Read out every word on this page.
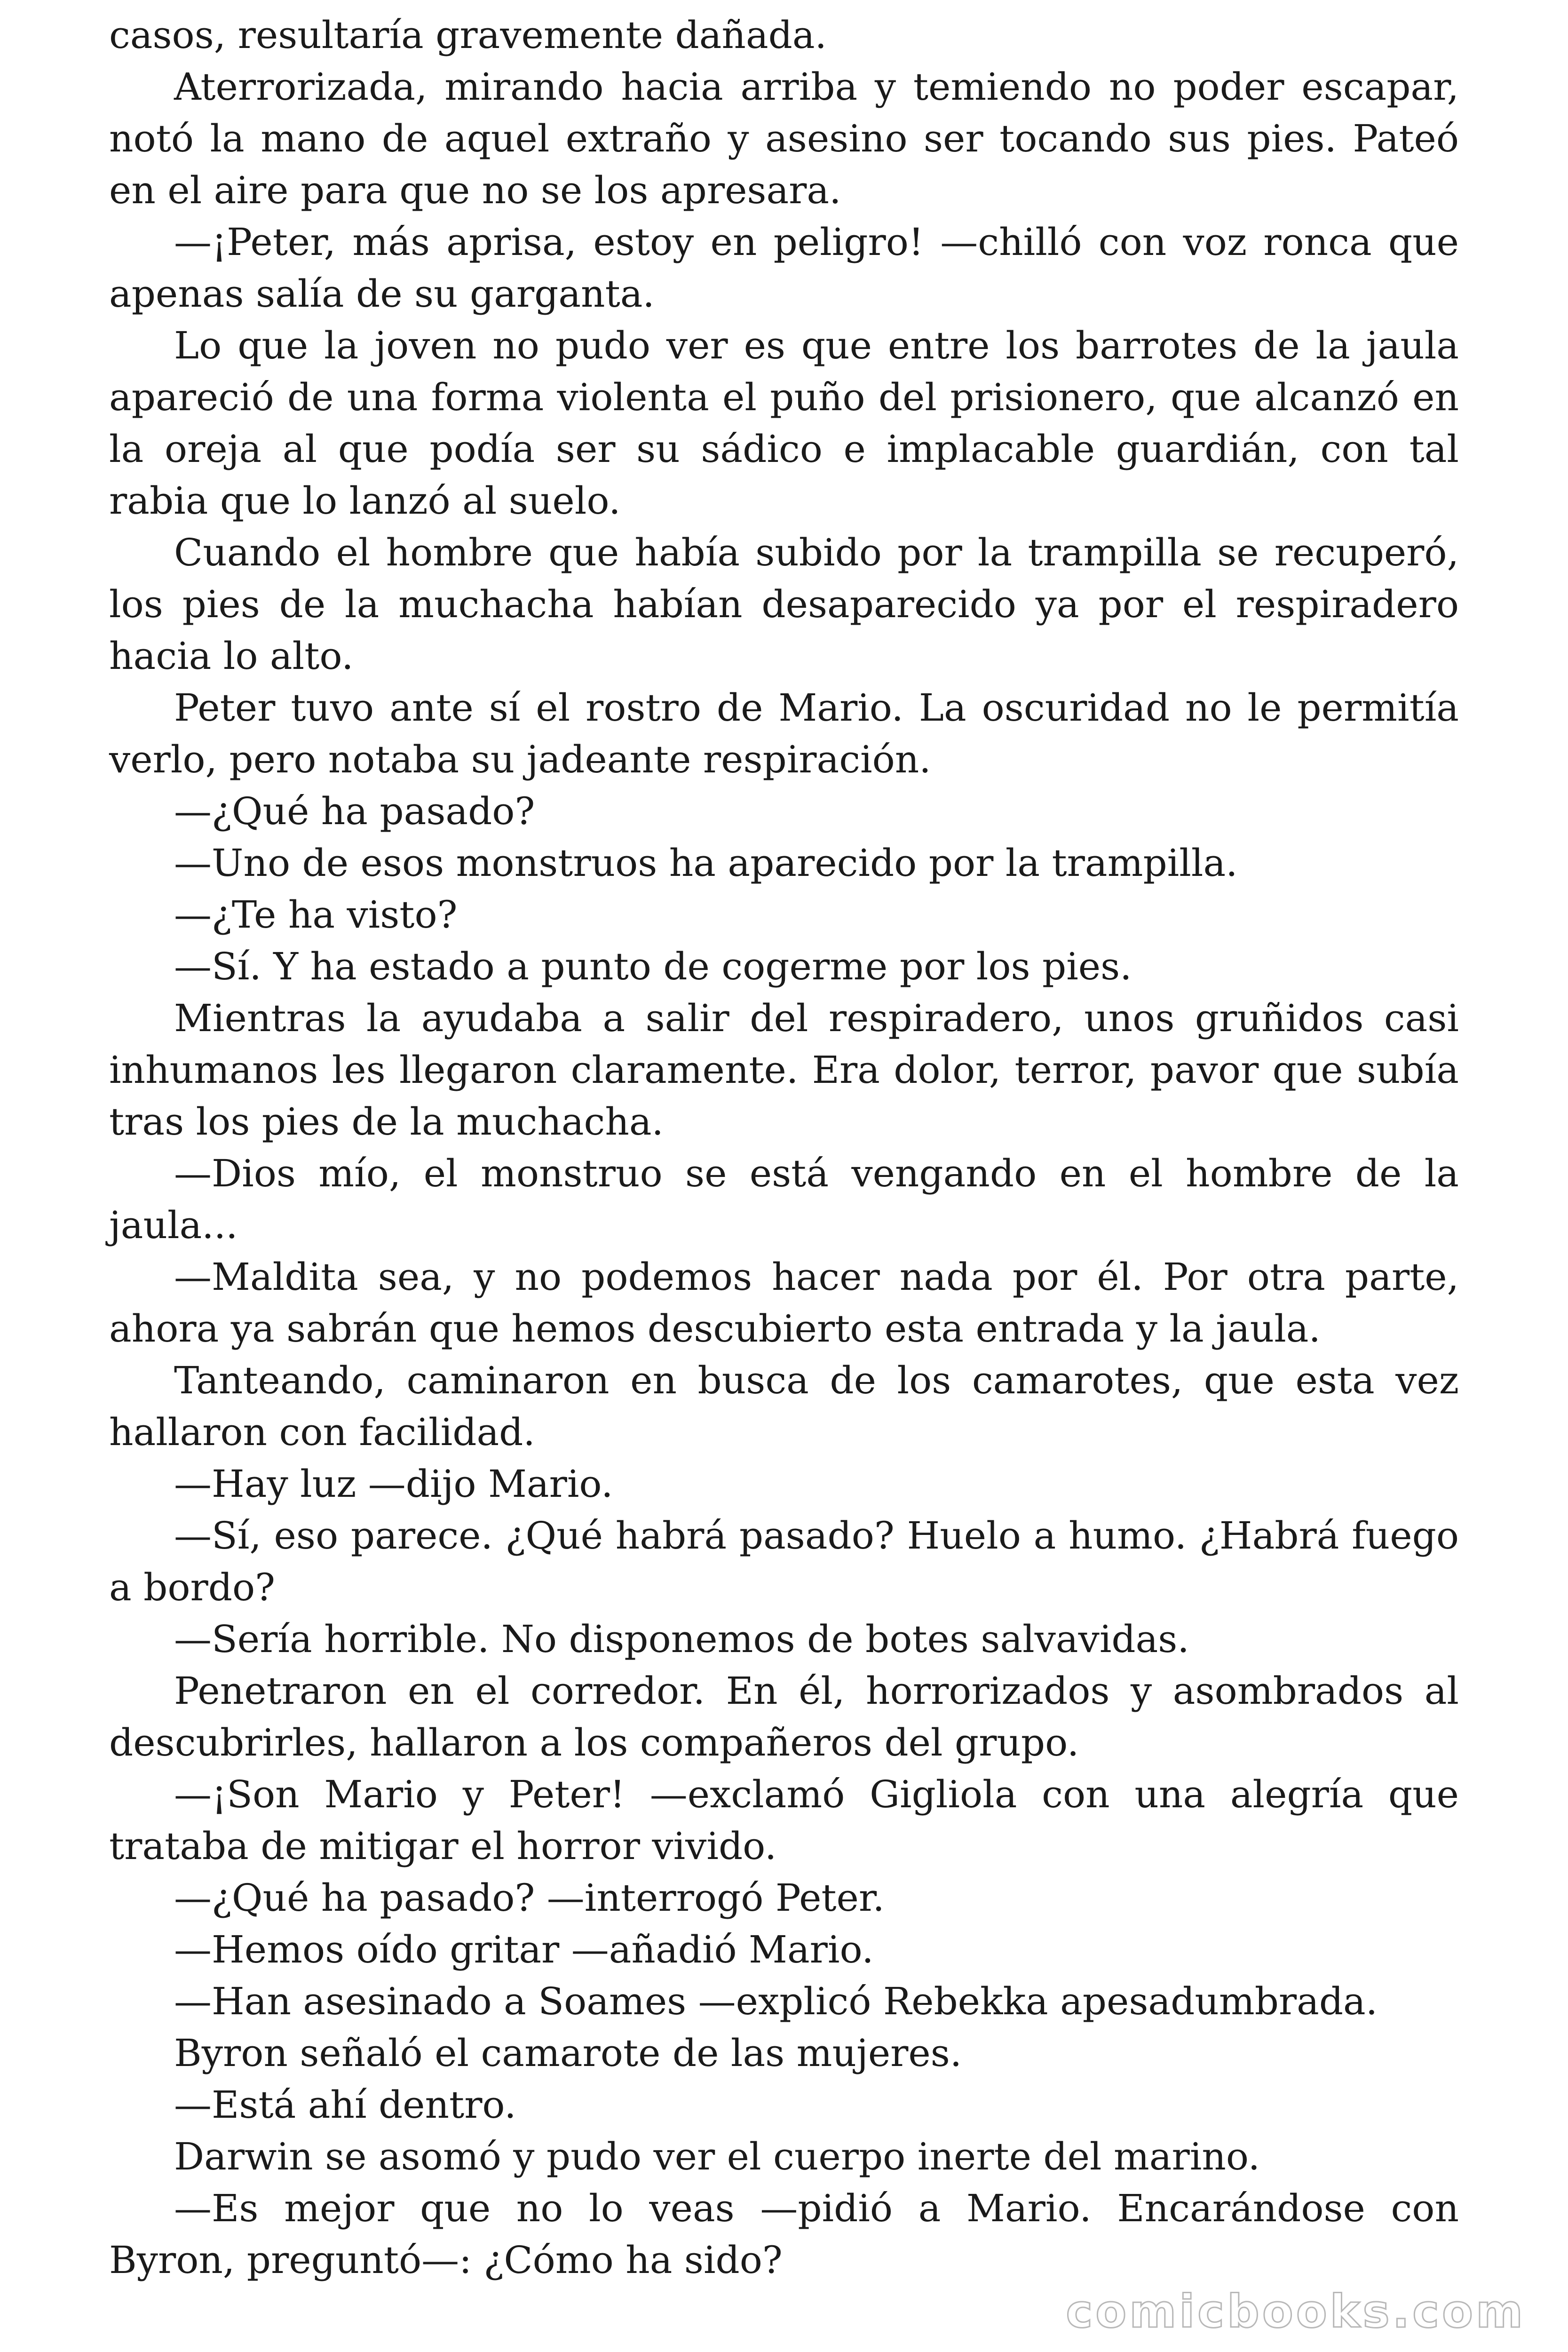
casos, resultaría gravemente dañada.

Aterrorizada, mirando hacia arriba y temiendo no poder escapar, notó la mano de aquel extraño y asesino ser tocando sus pies. Pateó en el aire para que no se los apresara.

—¡Peter, más aprisa, estoy en peligro! —chilló con voz ronca que apenas salía de su garganta.

Lo que la joven no pudo ver es que entre los barrotes de la jaula apareció de una forma violenta el puño del prisionero, que alcanzó en la oreja al que podía ser su sádico e implacable guardián, con tal rabia que lo lanzó al suelo.

Cuando el hombre que había subido por la trampilla se recuperó, los pies de la muchacha habían desaparecido ya por el respiradero hacia lo alto.

Peter tuvo ante sí el rostro de Mario. La oscuridad no le permitía verlo, pero notaba su jadeante respiración.

—¿Qué ha pasado?

—Uno de esos monstruos ha aparecido por la trampilla.

—¿Te ha visto?

—Sí. Y ha estado a punto de cogerme por los pies.

Mientras la ayudaba a salir del respiradero, unos gruñidos casi inhumanos les llegaron claramente. Era dolor, terror, pavor que subía tras los pies de la muchacha.

—Dios mío, el monstruo se está vengando en el hombre de la jaula...

—Maldita sea, y no podemos hacer nada por él. Por otra parte, ahora ya sabrán que hemos descubierto esta entrada y la jaula.

Tanteando, caminaron en busca de los camarotes, que esta vez hallaron con facilidad.

—Hay luz —dijo Mario.

—Sí, eso parece. ¿Qué habrá pasado? Huelo a humo. ¿Habrá fuego a bordo?

—Sería horrible. No disponemos de botes salvavidas.

Penetraron en el corredor. En él, horrorizados y asombrados al descubrirles, hallaron a los compañeros del grupo.

—¡Son Mario y Peter! —exclamó Gigliola con una alegría que trataba de mitigar el horror vivido.

—¿Qué ha pasado? —interrogó Peter.

—Hemos oído gritar —añadió Mario.

—Han asesinado a Soames —explicó Rebekka apesadumbrada.

Byron señaló el camarote de las mujeres.

—Está ahí dentro.

Darwin se asomó y pudo ver el cuerpo inerte del marino.

—Es mejor que no lo veas —pidió a Mario. Encarándose con Byron, preguntó—: ¿Cómo ha sido?

comicbooks.com
